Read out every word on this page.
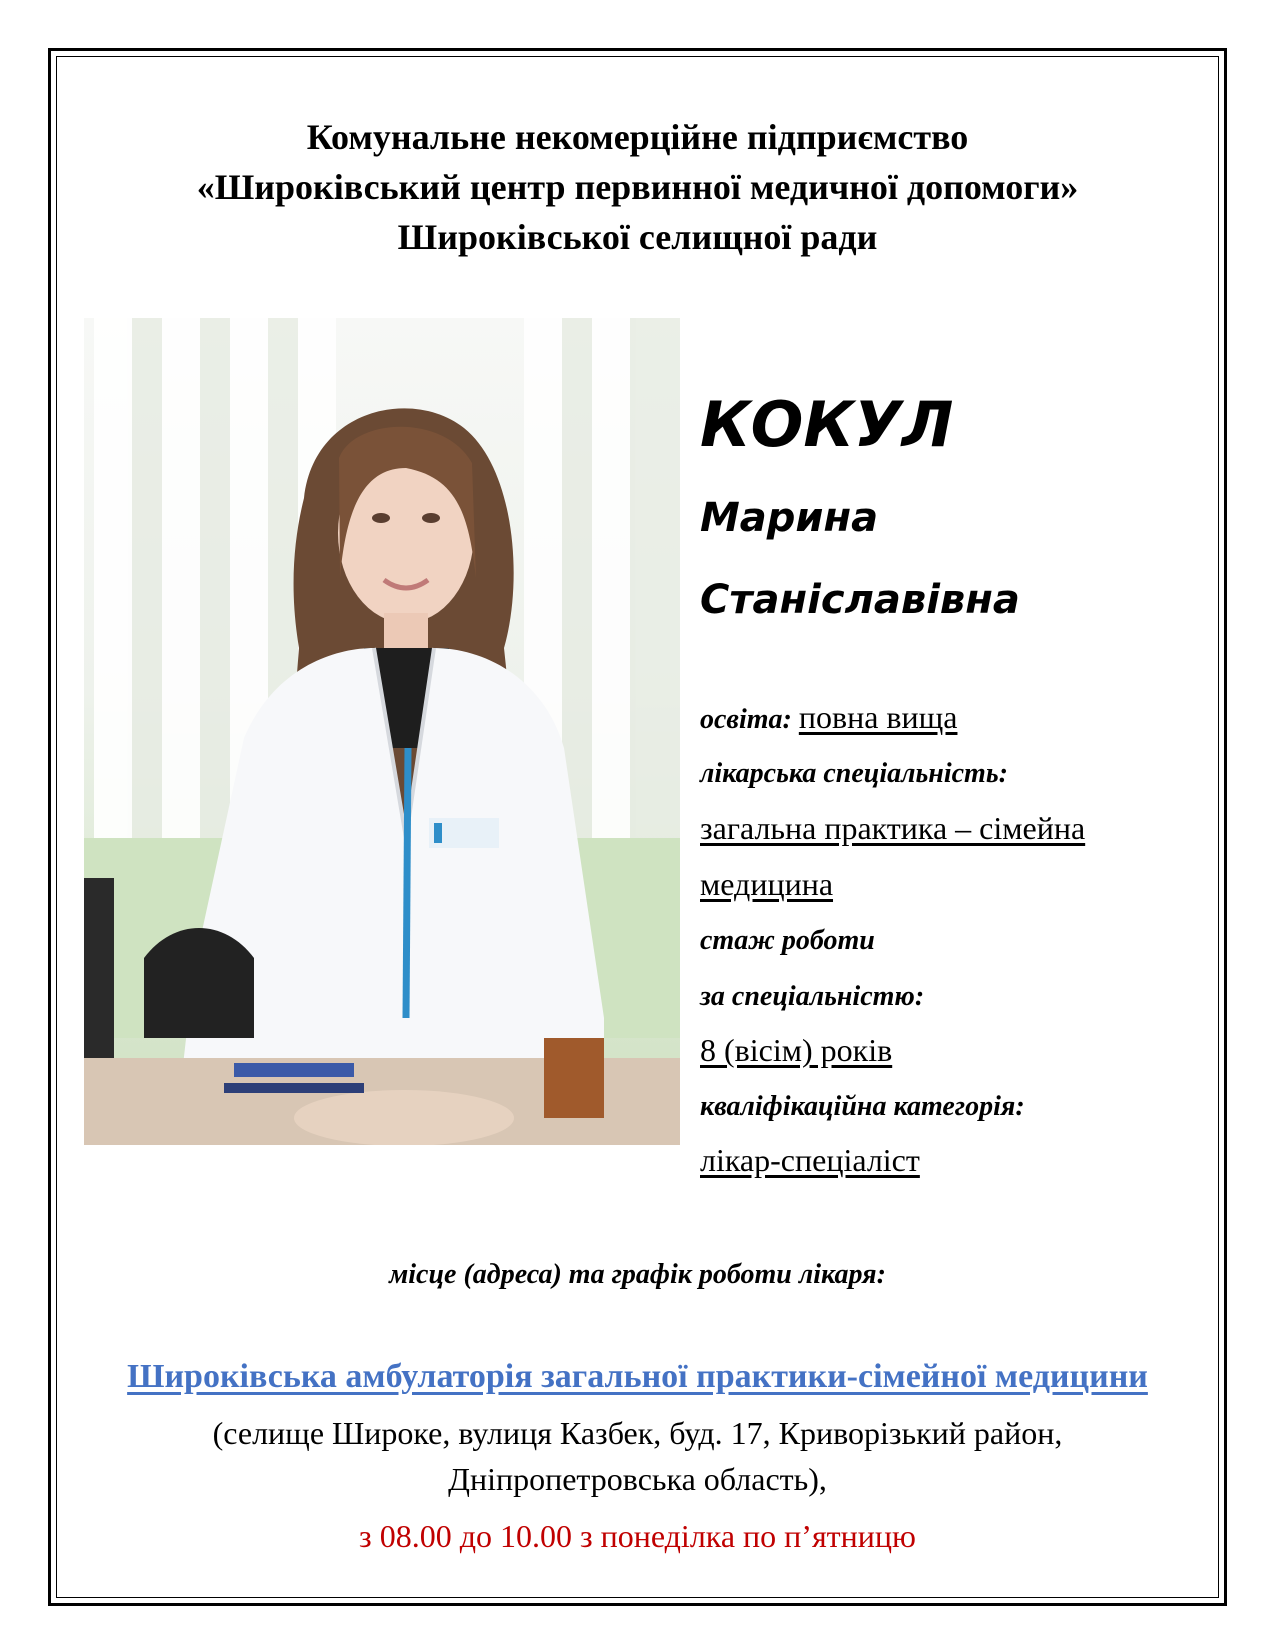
Комунальне некомерційне підприємство
«Широківський центр первинної медичної допомоги»
Широківської селищної ради
КОКУЛ
Марина
Станіславівна
освіта: повна вища
лікарська спеціальність:
загальна практика – сімейна
медицина
стаж роботи
за спеціальністю:
8 (вісім) років
кваліфікаційна категорія:
лікар-спеціаліст
місце (адреса) та графік роботи лікаря:
Широківська амбулаторія загальної практики-сімейної медицини
(селище Широке, вулиця Казбек, буд. 17, Криворізький район,
Дніпропетровська область),
з 08.00 до 10.00 з понеділка по п’ятницю
